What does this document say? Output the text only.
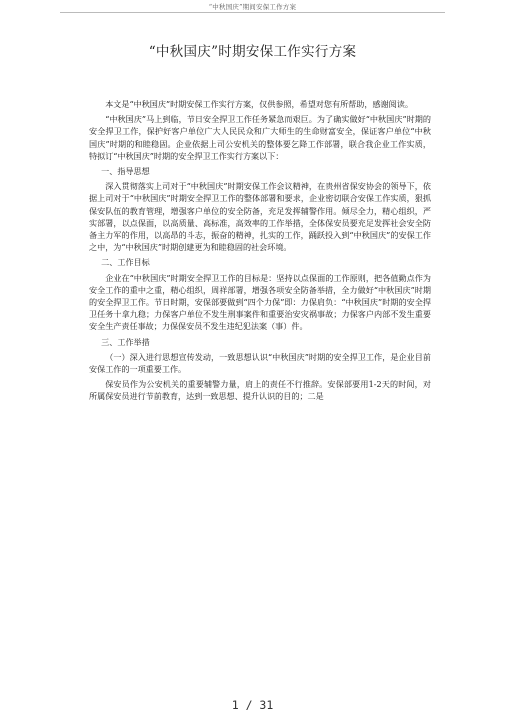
“中秋国庆”期间安保工作方案
“中秋国庆”时期安保工作实行方案

本文是“中秋国庆”时期安保工作实行方案，仅供参照，希望对您有所帮助，感谢阅读。

“中秋国庆”马上到临，节日安全捍卫工作任务紧急而艰巨。为了确实做好“中秋国庆”时期的安全捍卫工作，保护好客户单位广大人民民众和广大师生的生命财富安全，保证客户单位“中秋国庆”时期的和睦稳固。企业依据上司公安机关的整体要乞降工作部署，联合我企业工作实质，特拟订“中秋国庆”时期的安全捍卫工作实行方案以下：

一、指导思想

深入贯彻落实上司对于“中秋国庆”时期安保工作会议精神，在贵州省保安协会的领导下，依据上司对于“中秋国庆”时期安全捍卫工作的整体部署和要求，企业密切联合安保工作实质，狠抓保安队伍的教育管理，增强客户单位的安全防备，充足发挥辅警作用。倾尽全力，精心组织，严实部署，以点保面，以高质量、高标准，高效率的工作举措，全体保安员要充足发挥社会安全防备主力军的作用，以高昂的斗志，振奋的精神，扎实的工作，踊跃投入到“中秋国庆”的安保工作之中，为“中秋国庆”时期创建更为和睦稳固的社会环境。

二、工作目标

企业在“中秋国庆”时期安全捍卫工作的目标是：坚持以点保面的工作原则，把各值勤点作为安全工作的重中之重，精心组织，周祥部署，增强各项安全防备举措，全力做好“中秋国庆”时期的安全捍卫工作。节日时期，安保部要做到“四个力保”即：力保肩负：“中秋国庆”时期的安全捍卫任务十拿九稳；力保客户单位不发生刑事案件和重要治安灾祸事故；力保客户内部不发生重要安全生产责任事故；力保保安员不发生违纪犯法案（事）件。

三、工作举措

（一）深入进行思想宣传发动，一致思想认识“中秋国庆”时期的安全捍卫工作，是企业目前安保工作的一项重要工作。

保安员作为公安机关的重要辅警力量，肩上的责任不行推辞。安保部要用1-2天的时间，对所属保安员进行节前教育，达到一致思想、提升认识的目的；二是

1 / 31
